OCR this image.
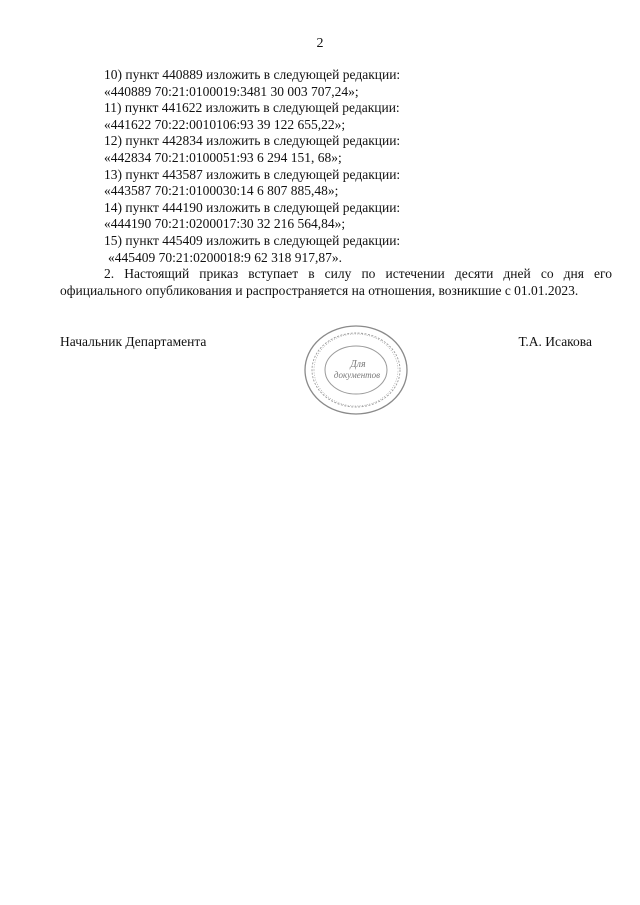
2
10) пункт 440889 изложить в следующей редакции:
«440889 70:21:0100019:3481 30 003 707,24»;
11) пункт 441622 изложить в следующей редакции:
«441622 70:22:0010106:93 39 122 655,22»;
12) пункт 442834 изложить в следующей редакции:
«442834 70:21:0100051:93 6 294 151, 68»;
13) пункт 443587 изложить в следующей редакции:
«443587 70:21:0100030:14 6 807 885,48»;
14) пункт 444190 изложить в следующей редакции:
«444190 70:21:0200017:30 32 216 564,84»;
15) пункт 445409 изложить в следующей редакции:
«445409 70:21:0200018:9 62 318 917,87».
2. Настоящий приказ вступает в силу по истечении десяти дней со дня его официального опубликования и распространяется на отношения, возникшие с 01.01.2023.
Начальник Департамента
Для
документов
Т.А. Исакова
